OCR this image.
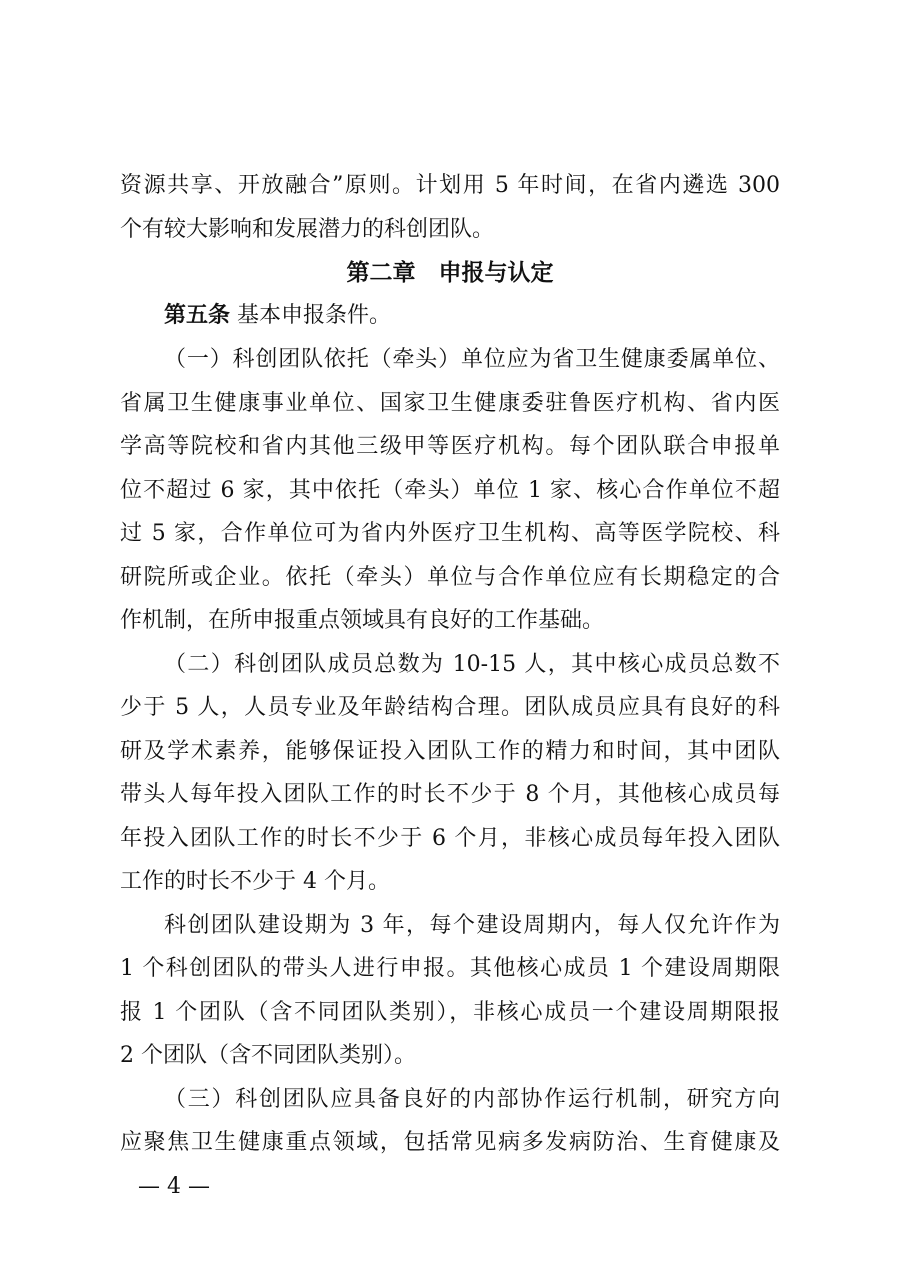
资源共享、开放融合”原则。计划用 5 年时间，在省内遴选 300
个有较大影响和发展潜力的科创团队。
第二章　申报与认定
第五条 基本申报条件。
（一）科创团队依托（牵头）单位应为省卫生健康委属单位、
省属卫生健康事业单位、国家卫生健康委驻鲁医疗机构、省内医
学高等院校和省内其他三级甲等医疗机构。每个团队联合申报单
位不超过 6 家，其中依托（牵头）单位 1 家、核心合作单位不超
过 5 家，合作单位可为省内外医疗卫生机构、高等医学院校、科
研院所或企业。依托（牵头）单位与合作单位应有长期稳定的合
作机制，在所申报重点领域具有良好的工作基础。
（二）科创团队成员总数为 10-15 人，其中核心成员总数不
少于 5 人，人员专业及年龄结构合理。团队成员应具有良好的科
研及学术素养，能够保证投入团队工作的精力和时间，其中团队
带头人每年投入团队工作的时长不少于 8 个月，其他核心成员每
年投入团队工作的时长不少于 6 个月，非核心成员每年投入团队
工作的时长不少于 4 个月。
科创团队建设期为 3 年，每个建设周期内，每人仅允许作为
1 个科创团队的带头人进行申报。其他核心成员 1 个建设周期限
报 1 个团队（含不同团队类别），非核心成员一个建设周期限报
2 个团队（含不同团队类别）。
（三）科创团队应具备良好的内部协作运行机制，研究方向
应聚焦卫生健康重点领域，包括常见病多发病防治、生育健康及
— 4 —
